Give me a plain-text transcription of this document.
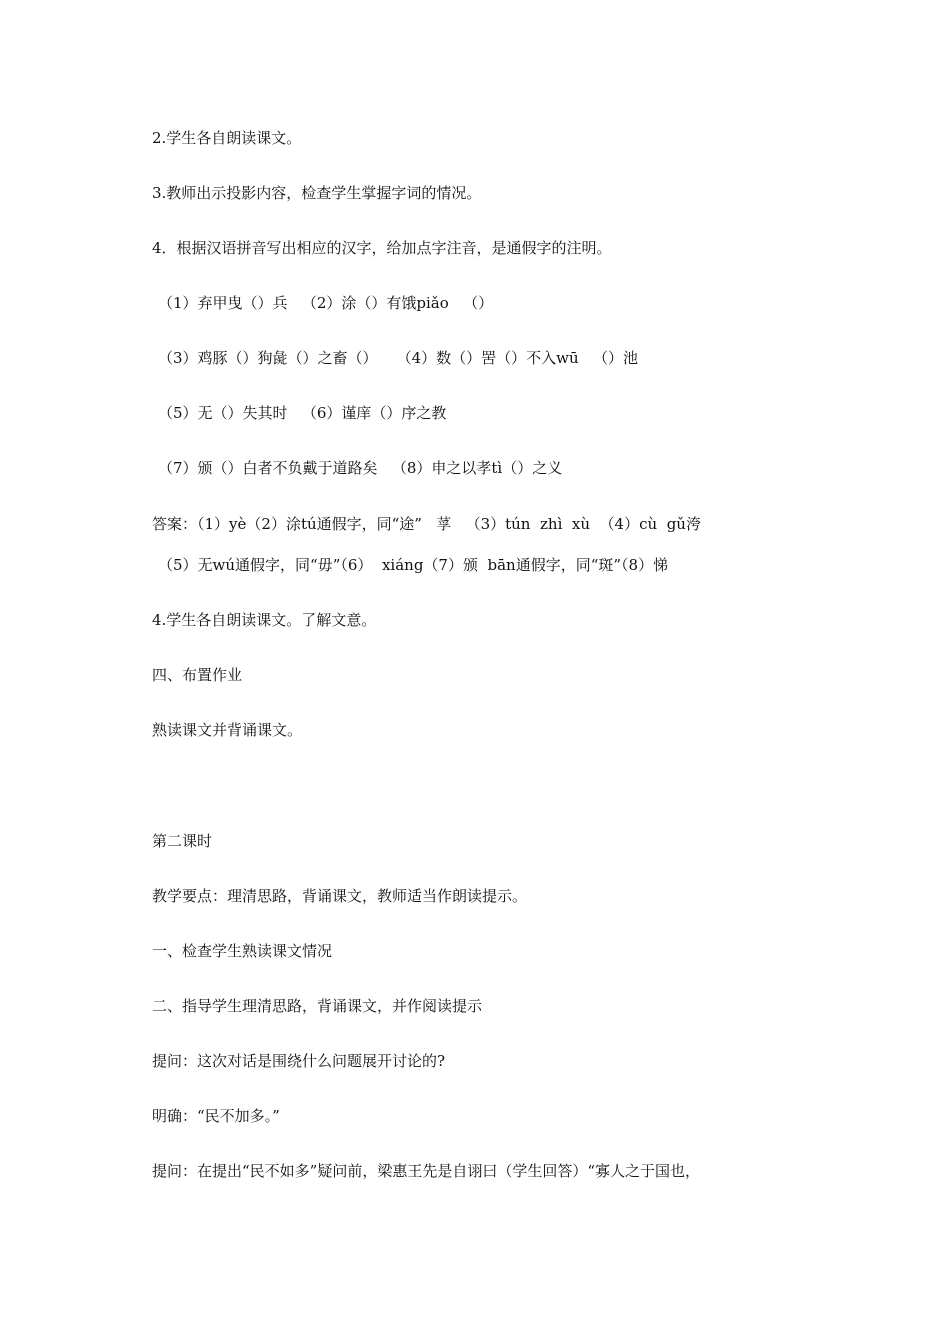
2.学生各自朗读课文。
3.教师出示投影内容，检查学生掌握字词的情况。
4．根据汉语拼音写出相应的汉字，给加点字注音，是通假字的注明。
（1）弃甲曳（）兵   （2）涂（）有饿piǎo   （）
（3）鸡豚（）狗彘（）之畜（）    （4）数（）罟（）不入wū   （）池
（5）无（）失其时   （6）谨庠（）序之教
（7）颁（）白者不负戴于道路矣   （8）申之以孝tì（）之义
答案：（1）yè（2）涂tú通假字，同“途”   莩   （3）tún  zhì  xù  （4）cù  gǔ洿
（5）无wú通假字，同“毋”（6）  xiáng（7）颁  bān通假字，同“斑”（8）悌
4.学生各自朗读课文。了解文意。
四、布置作业
熟读课文并背诵课文。
第二课时
教学要点：理清思路，背诵课文，教师适当作朗读提示。
一、检查学生熟读课文情况
二、指导学生理清思路，背诵课文，并作阅读提示
提问：这次对话是围绕什么问题展开讨论的?
明确：“民不加多。”
提问：在提出“民不如多”疑问前，梁惠王先是自诩曰（学生回答）“寡人之于国也，
